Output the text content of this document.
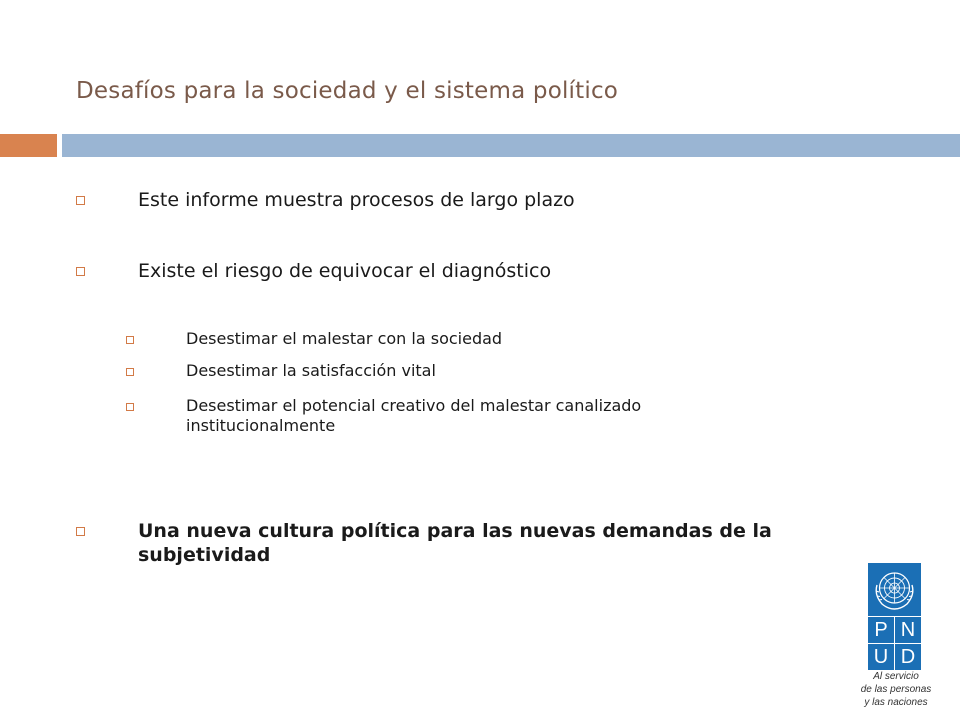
Desafíos para la sociedad y el sistema político
Este informe muestra procesos de largo plazo
Existe el riesgo de equivocar el diagnóstico
Desestimar el malestar con la sociedad
Desestimar la satisfacción vital
Desestimar el potencial creativo del malestar canalizado institucionalmente
Una nueva cultura política para las nuevas demandas de la subjetividad
P N
U D
Al servicio
de las personas
y las naciones
